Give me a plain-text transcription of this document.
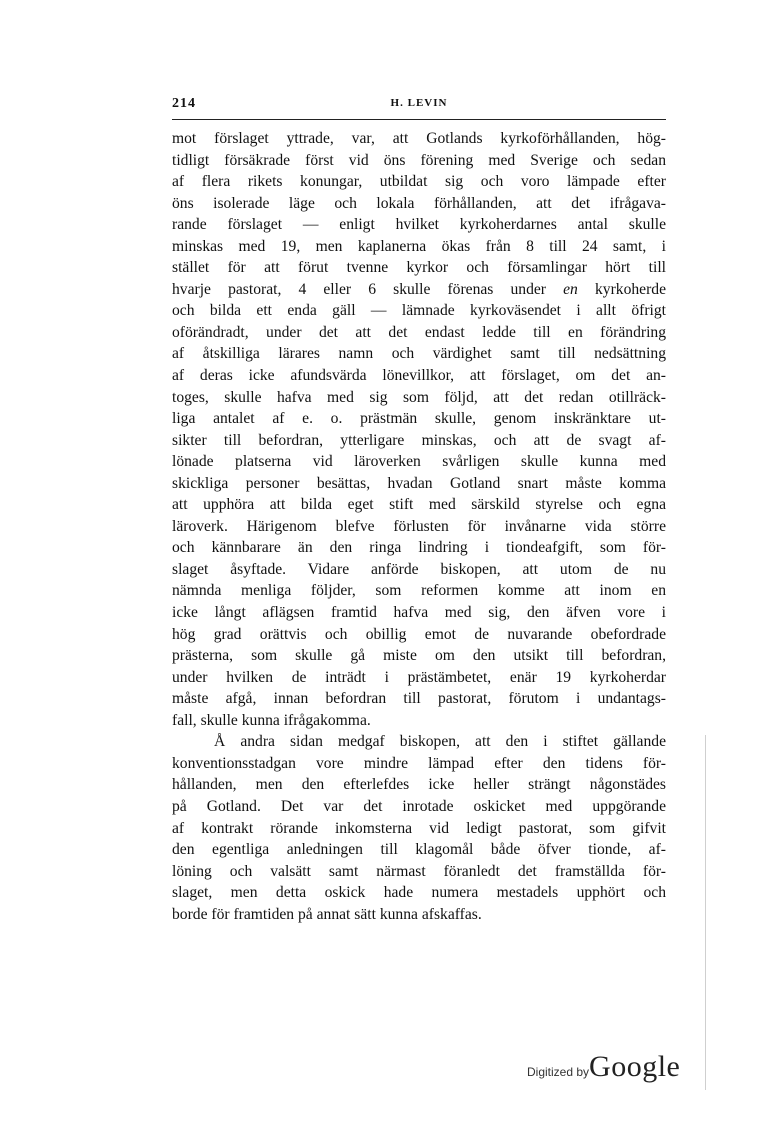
214	H. LEVIN
mot förslaget yttrade, var, att Gotlands kyrkoförhållanden, hög-
tidligt försäkrade först vid öns förening med Sverige och sedan
af flera rikets konungar, utbildat sig och voro lämpade efter
öns isolerade läge och lokala förhållanden, att det ifrågava-
rande förslaget — enligt hvilket kyrkoherdarnes antal skulle
minskas med 19, men kaplanerna ökas från 8 till 24 samt, i
stället för att förut tvenne kyrkor och församlingar hört till
hvarje pastorat, 4 eller 6 skulle förenas under en kyrkoherde
och bilda ett enda gäll — lämnade kyrkoväsendet i allt öfrigt
oförändradt, under det att det endast ledde till en förändring
af åtskilliga lärares namn och värdighet samt till nedsättning
af deras icke afundsvärda lönevillkor, att förslaget, om det an-
toges, skulle hafva med sig som följd, att det redan otillräck-
liga antalet af e. o. prästmän skulle, genom inskränktare ut-
sikter till befordran, ytterligare minskas, och att de svagt af-
lönade platserna vid läroverken svårligen skulle kunna med
skickliga personer besättas, hvadan Gotland snart måste komma
att upphöra att bilda eget stift med särskild styrelse och egna
läroverk. Härigenom blefve förlusten för invånarne vida större
och kännbarare än den ringa lindring i tiondeafgift, som för-
slaget åsyftade. Vidare anförde biskopen, att utom de nu
nämnda menliga följder, som reformen komme att inom en
icke långt aflägsen framtid hafva med sig, den äfven vore i
hög grad orättvis och obillig emot de nuvarande obefordrade
prästerna, som skulle gå miste om den utsikt till befordran,
under hvilken de inträdt i prästämbetet, enär 19 kyrkoherdar
måste afgå, innan befordran till pastorat, förutom i undantags-
fall, skulle kunna ifrågakomma.
Å andra sidan medgaf biskopen, att den i stiftet gällande
konventionsstadgan vore mindre lämpad efter den tidens för-
hållanden, men den efterlefdes icke heller strängt någonstädes
på Gotland. Det var det inrotade oskicket med uppgörande
af kontrakt rörande inkomsterna vid ledigt pastorat, som gifvit
den egentliga anledningen till klagomål både öfver tionde, af-
löning och valsätt samt närmast föranledt det framställda för-
slaget, men detta oskick hade numera mestadels upphört och
borde för framtiden på annat sätt kunna afskaffas.
Digitized byGoogle
